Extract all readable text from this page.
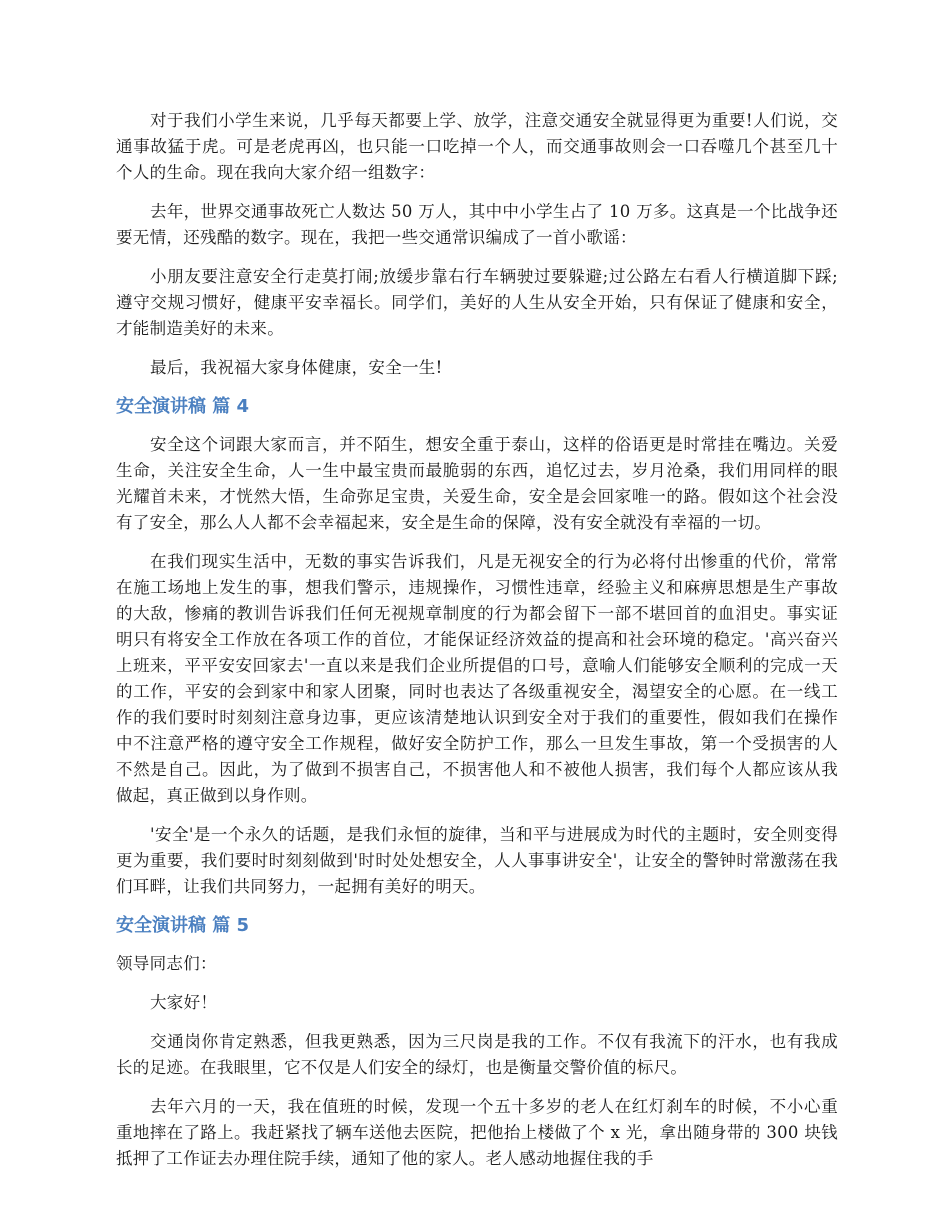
对于我们小学生来说，几乎每天都要上学、放学，注意交通安全就显得更为重要!人们说，交通事故猛于虎。可是老虎再凶，也只能一口吃掉一个人，而交通事故则会一口吞噬几个甚至几十个人的生命。现在我向大家介绍一组数字：

去年，世界交通事故死亡人数达 50 万人，其中中小学生占了 10 万多。这真是一个比战争还要无情，还残酷的数字。现在，我把一些交通常识编成了一首小歌谣：

小朋友要注意安全行走莫打闹;放缓步靠右行车辆驶过要躲避;过公路左右看人行横道脚下踩;遵守交规习惯好，健康平安幸福长。同学们，美好的人生从安全开始，只有保证了健康和安全，才能制造美好的未来。

最后，我祝福大家身体健康，安全一生!

安全演讲稿 篇 4

安全这个词跟大家而言，并不陌生，想安全重于泰山，这样的俗语更是时常挂在嘴边。关爱生命，关注安全生命，人一生中最宝贵而最脆弱的东西，追忆过去，岁月沧桑，我们用同样的眼光耀首未来，才恍然大悟，生命弥足宝贵，关爱生命，安全是会回家唯一的路。假如这个社会没有了安全，那么人人都不会幸福起来，安全是生命的保障，没有安全就没有幸福的一切。

在我们现实生活中，无数的事实告诉我们，凡是无视安全的行为必将付出惨重的代价，常常在施工场地上发生的事，想我们警示，违规操作，习惯性违章，经验主义和麻痹思想是生产事故的大敌，惨痛的教训告诉我们任何无视规章制度的行为都会留下一部不堪回首的血泪史。事实证明只有将安全工作放在各项工作的首位，才能保证经济效益的提高和社会环境的稳定。'高兴奋兴上班来，平平安安回家去'一直以来是我们企业所提倡的口号，意喻人们能够安全顺利的完成一天的工作，平安的会到家中和家人团聚，同时也表达了各级重视安全，渴望安全的心愿。在一线工作的我们要时时刻刻注意身边事，更应该清楚地认识到安全对于我们的重要性，假如我们在操作中不注意严格的遵守安全工作规程，做好安全防护工作，那么一旦发生事故，第一个受损害的人不然是自己。因此，为了做到不损害自己，不损害他人和不被他人损害，我们每个人都应该从我做起，真正做到以身作则。

'安全'是一个永久的话题，是我们永恒的旋律，当和平与进展成为时代的主题时，安全则变得更为重要，我们要时时刻刻做到'时时处处想安全，人人事事讲安全'，让安全的警钟时常激荡在我们耳畔，让我们共同努力，一起拥有美好的明天。

安全演讲稿 篇 5

领导同志们：

大家好！

交通岗你肯定熟悉，但我更熟悉，因为三尺岗是我的工作。不仅有我流下的汗水，也有我成长的足迹。在我眼里，它不仅是人们安全的绿灯，也是衡量交警价值的标尺。

去年六月的一天，我在值班的时候，发现一个五十多岁的老人在红灯刹车的时候，不小心重重地摔在了路上。我赶紧找了辆车送他去医院，把他抬上楼做了个 x 光，拿出随身带的 300 块钱抵押了工作证去办理住院手续，通知了他的家人。老人感动地握住我的手
